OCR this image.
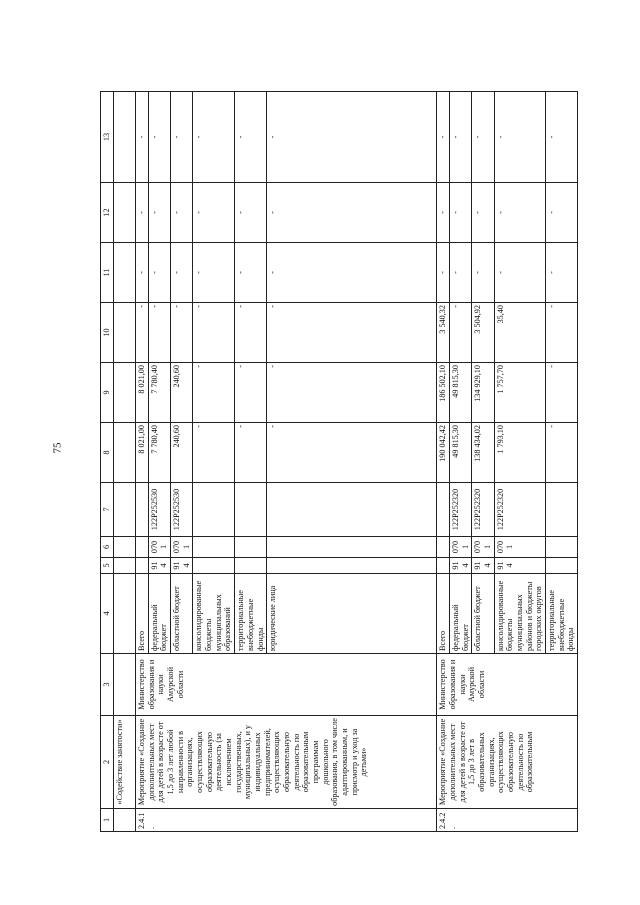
75
1	2	3	4	5	6	7	8	9	10	11	12	13
	«Содействие занятости»											
2.4.1.	Мероприятие «Создание дополнительных мест для детей в возрасте от 1,5 до 3 лет любой направленности в организациях, осуществляющих образовательную деятельность (за исключением государственных, муниципальных), и у индивидуальных предпринимателей, осуществляющих образовательную деятельность по образовательным программам дошкольного образования, в том числе адаптированным, и присмотр и уход за детьми»	Министерство образования и науки Амурской области	Всего				8 021,00	8 021,00	-	-	-	-
			федеральный бюджет	914	0701	122P252530	7 780,40	7 780,40	-	-	-	-
			областной бюджет	914	0701	122P252530	240,60	240,60	-	-	-	-
			консолидированные бюджеты муниципальных образований				-	-	-	-	-	-
			территориальные внебюджетные фонды				-	-	-	-	-	-
			юридические лица				-	-	-	-	-	-
2.4.2.	Мероприятие «Создание дополнительных мест для детей в возрасте от 1,5 до 3 лет в образовательных организациях, осуществляющих образовательную деятельность по образовательным	Министерство образования и науки Амурской области	Всего				190 042,42	186 502,10	3 540,32	-	-	-
			федеральный бюджет	914	0701	122P252320	49 815,30	49 815,30	-	-	-	-
			областной бюджет	914	0701	122P252320	138 434,02	134 929,10	3 504,92	-	-	-
			консолидированные бюджеты муниципальных районов и бюджеты городских округов	914	0701	122P252320	1 793,10	1 757,70	35,40	-	-	-
			территориальные внебюджетные фонды				-	-	-	-	-	-
